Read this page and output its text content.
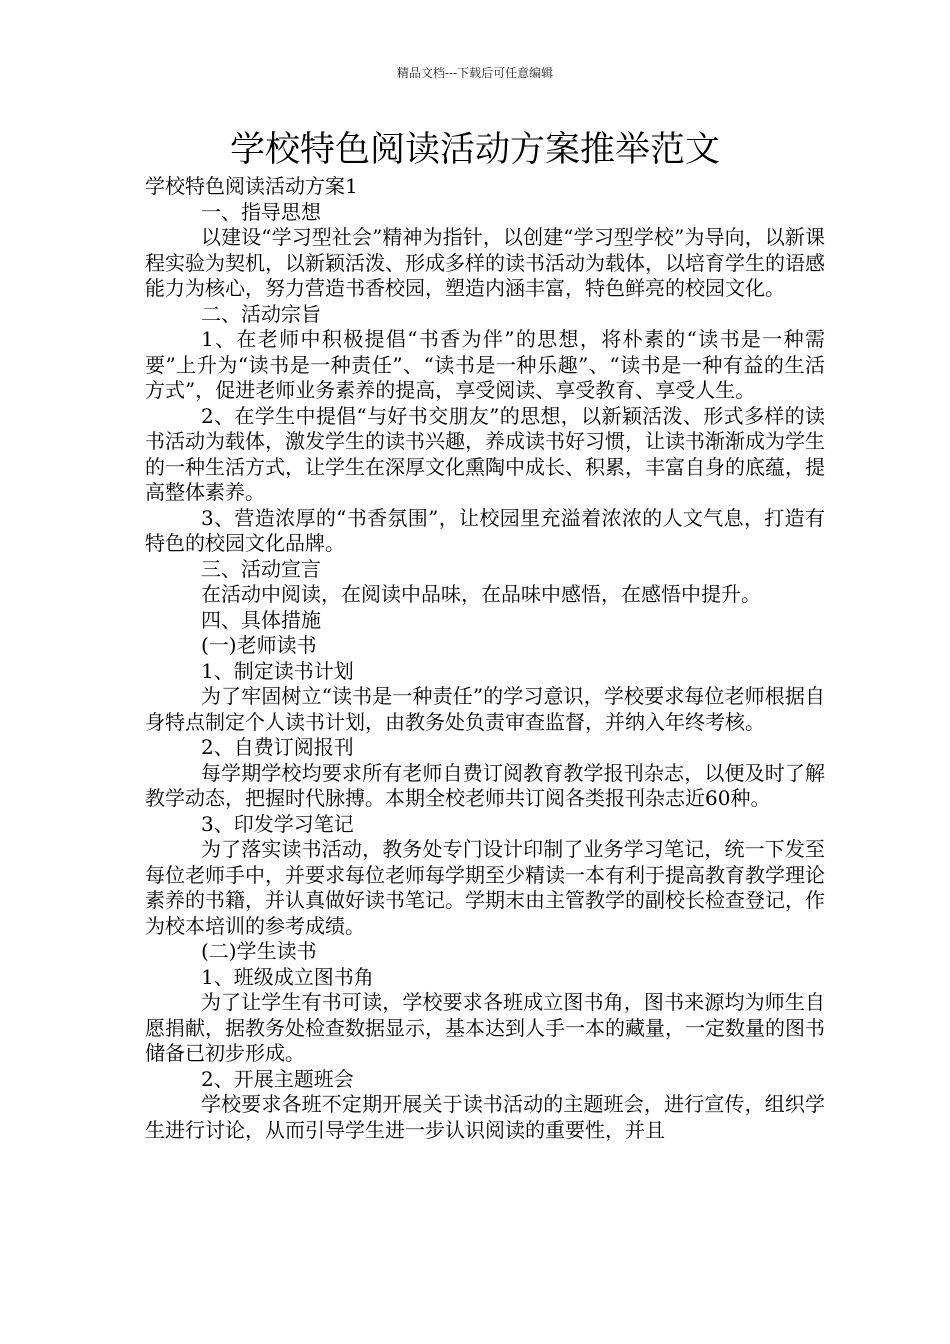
精品文档---下载后可任意编辑
学校特色阅读活动方案推举范文

学校特色阅读活动方案1

一、指导思想

以建设“学习型社会”精神为指针，以创建“学习型学校”为导向，以新课程实验为契机，以新颖活泼、形成多样的读书活动为载体，以培育学生的语感能力为核心，努力营造书香校园，塑造内涵丰富，特色鲜亮的校园文化。

二、活动宗旨

1、在老师中积极提倡“书香为伴”的思想，将朴素的“读书是一种需要”上升为“读书是一种责任”、“读书是一种乐趣”、“读书是一种有益的生活方式”，促进老师业务素养的提高，享受阅读、享受教育、享受人生。

2、在学生中提倡“与好书交朋友”的思想，以新颖活泼、形式多样的读书活动为载体，激发学生的读书兴趣，养成读书好习惯，让读书渐渐成为学生的一种生活方式，让学生在深厚文化熏陶中成长、积累，丰富自身的底蕴，提高整体素养。

3、营造浓厚的“书香氛围”，让校园里充溢着浓浓的人文气息，打造有特色的校园文化品牌。

三、活动宣言

在活动中阅读，在阅读中品味，在品味中感悟，在感悟中提升。

四、具体措施

(一)老师读书

1、制定读书计划

为了牢固树立“读书是一种责任”的学习意识，学校要求每位老师根据自身特点制定个人读书计划，由教务处负责审查监督，并纳入年终考核。

2、自费订阅报刊

每学期学校均要求所有老师自费订阅教育教学报刊杂志，以便及时了解教学动态，把握时代脉搏。本期全校老师共订阅各类报刊杂志近60种。

3、印发学习笔记

为了落实读书活动，教务处专门设计印制了业务学习笔记，统一下发至每位老师手中，并要求每位老师每学期至少精读一本有利于提高教育教学理论素养的书籍，并认真做好读书笔记。学期末由主管教学的副校长检查登记，作为校本培训的参考成绩。

(二)学生读书

1、班级成立图书角

为了让学生有书可读，学校要求各班成立图书角，图书来源均为师生自愿捐献，据教务处检查数据显示，基本达到人手一本的藏量，一定数量的图书储备已初步形成。

2、开展主题班会

学校要求各班不定期开展关于读书活动的主题班会，进行宣传，组织学生进行讨论，从而引导学生进一步认识阅读的重要性，并且
